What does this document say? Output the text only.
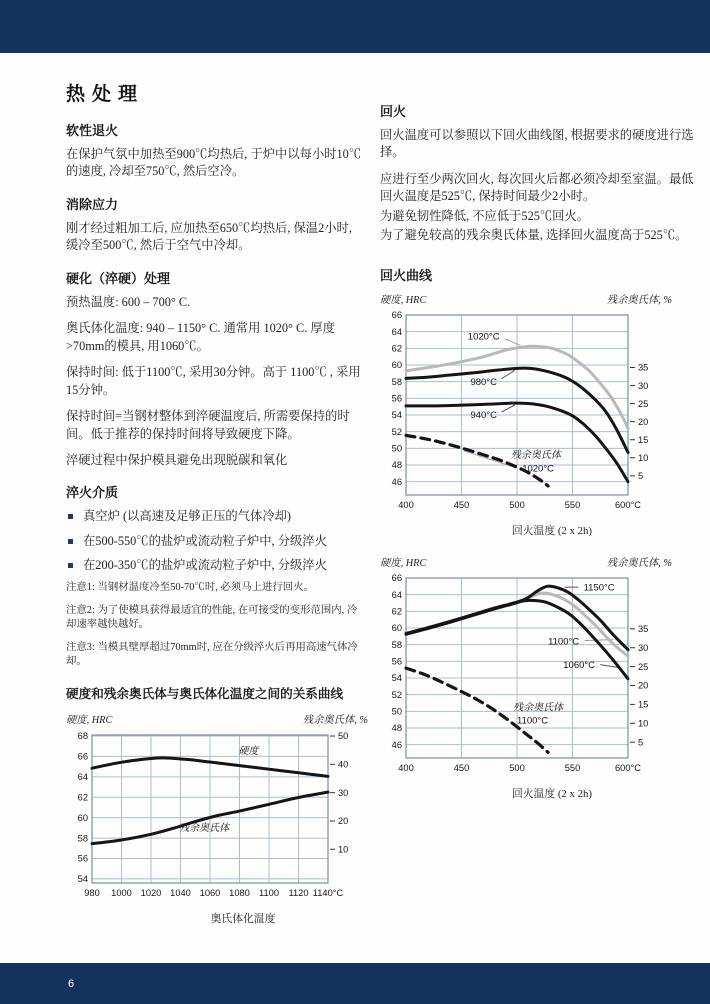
热处理
软性退火

在保护气氛中加热至900℃均热后, 于炉中以每小时10℃的速度, 冷却至750℃, 然后空冷。

消除应力

刚才经过粗加工后, 应加热至650℃均热后, 保温2小时, 缓冷至500℃, 然后于空气中冷却。

硬化（淬硬）处理

预热温度: 600 – 700° C.

奥氏体化温度: 940 – 1150° C. 通常用 1020° C. 厚度>70mm的模具, 用1060℃。

保持时间: 低于1100℃, 采用30分钟。高于 1100℃ , 采用15分钟。

保持时间=当钢材整体到淬硬温度后, 所需要保持的时间。低于推荐的保持时间将导致硬度下降。

淬硬过程中保护模具避免出现脱碳和氧化

淬火介质
真空炉 (以高速及足够正压的气体冷却)
在500-550℃的盐炉或流动粒子炉中, 分级淬火
在200-350℃的盐炉或流动粒子炉中, 分级淬火

注意1: 当钢材温度冷至50-70℃时, 必须马上进行回火。

注意2: 为了使模具获得最适宜的性能, 在可接受的变形范围内, 冷却速率越快越好。

注意3: 当模具壁厚超过70mm时, 应在分级淬火后再用高速气体冷却。

硬度和残余奥氏体与奥氏体化温度之间的关系曲线
硬度, HRC	残余奥氏体, %
68
66
64
62
60
58
56
54
50
40
30
20
10
980 1000 1020 1040 1060 1080 1100 1120 1140°C
硬度
残余奥氏体
奥氏体化温度
回火

回火温度可以参照以下回火曲线图, 根据要求的硬度进行选择。

应进行至少两次回火, 每次回火后都必须冷却至室温。最低回火温度是525℃, 保持时间最少2小时。

为避免韧性降低, 不应低于525℃回火。

为了避免较高的残余奥氏体量, 选择回火温度高于525℃。

回火曲线
硬度, HRC	残余奥氏体, %
66
64
62
60
58
56
54
52
50
48
46
35
30
25
20
15
10
5
400	450	500	550	600°C
1020°C
980°C
940°C
残余奥氏体
1020°C
回火温度 (2 x 2h)
硬度, HRC	残余奥氏体, %
66
64
62
60
58
56
54
52
50
48
46
35
30
25
20
15
10
5
400	450	500	550	600°C
1150°C
1100°C
1060°C
残余奥氏体
1100°C
回火温度 (2 x 2h)
6
